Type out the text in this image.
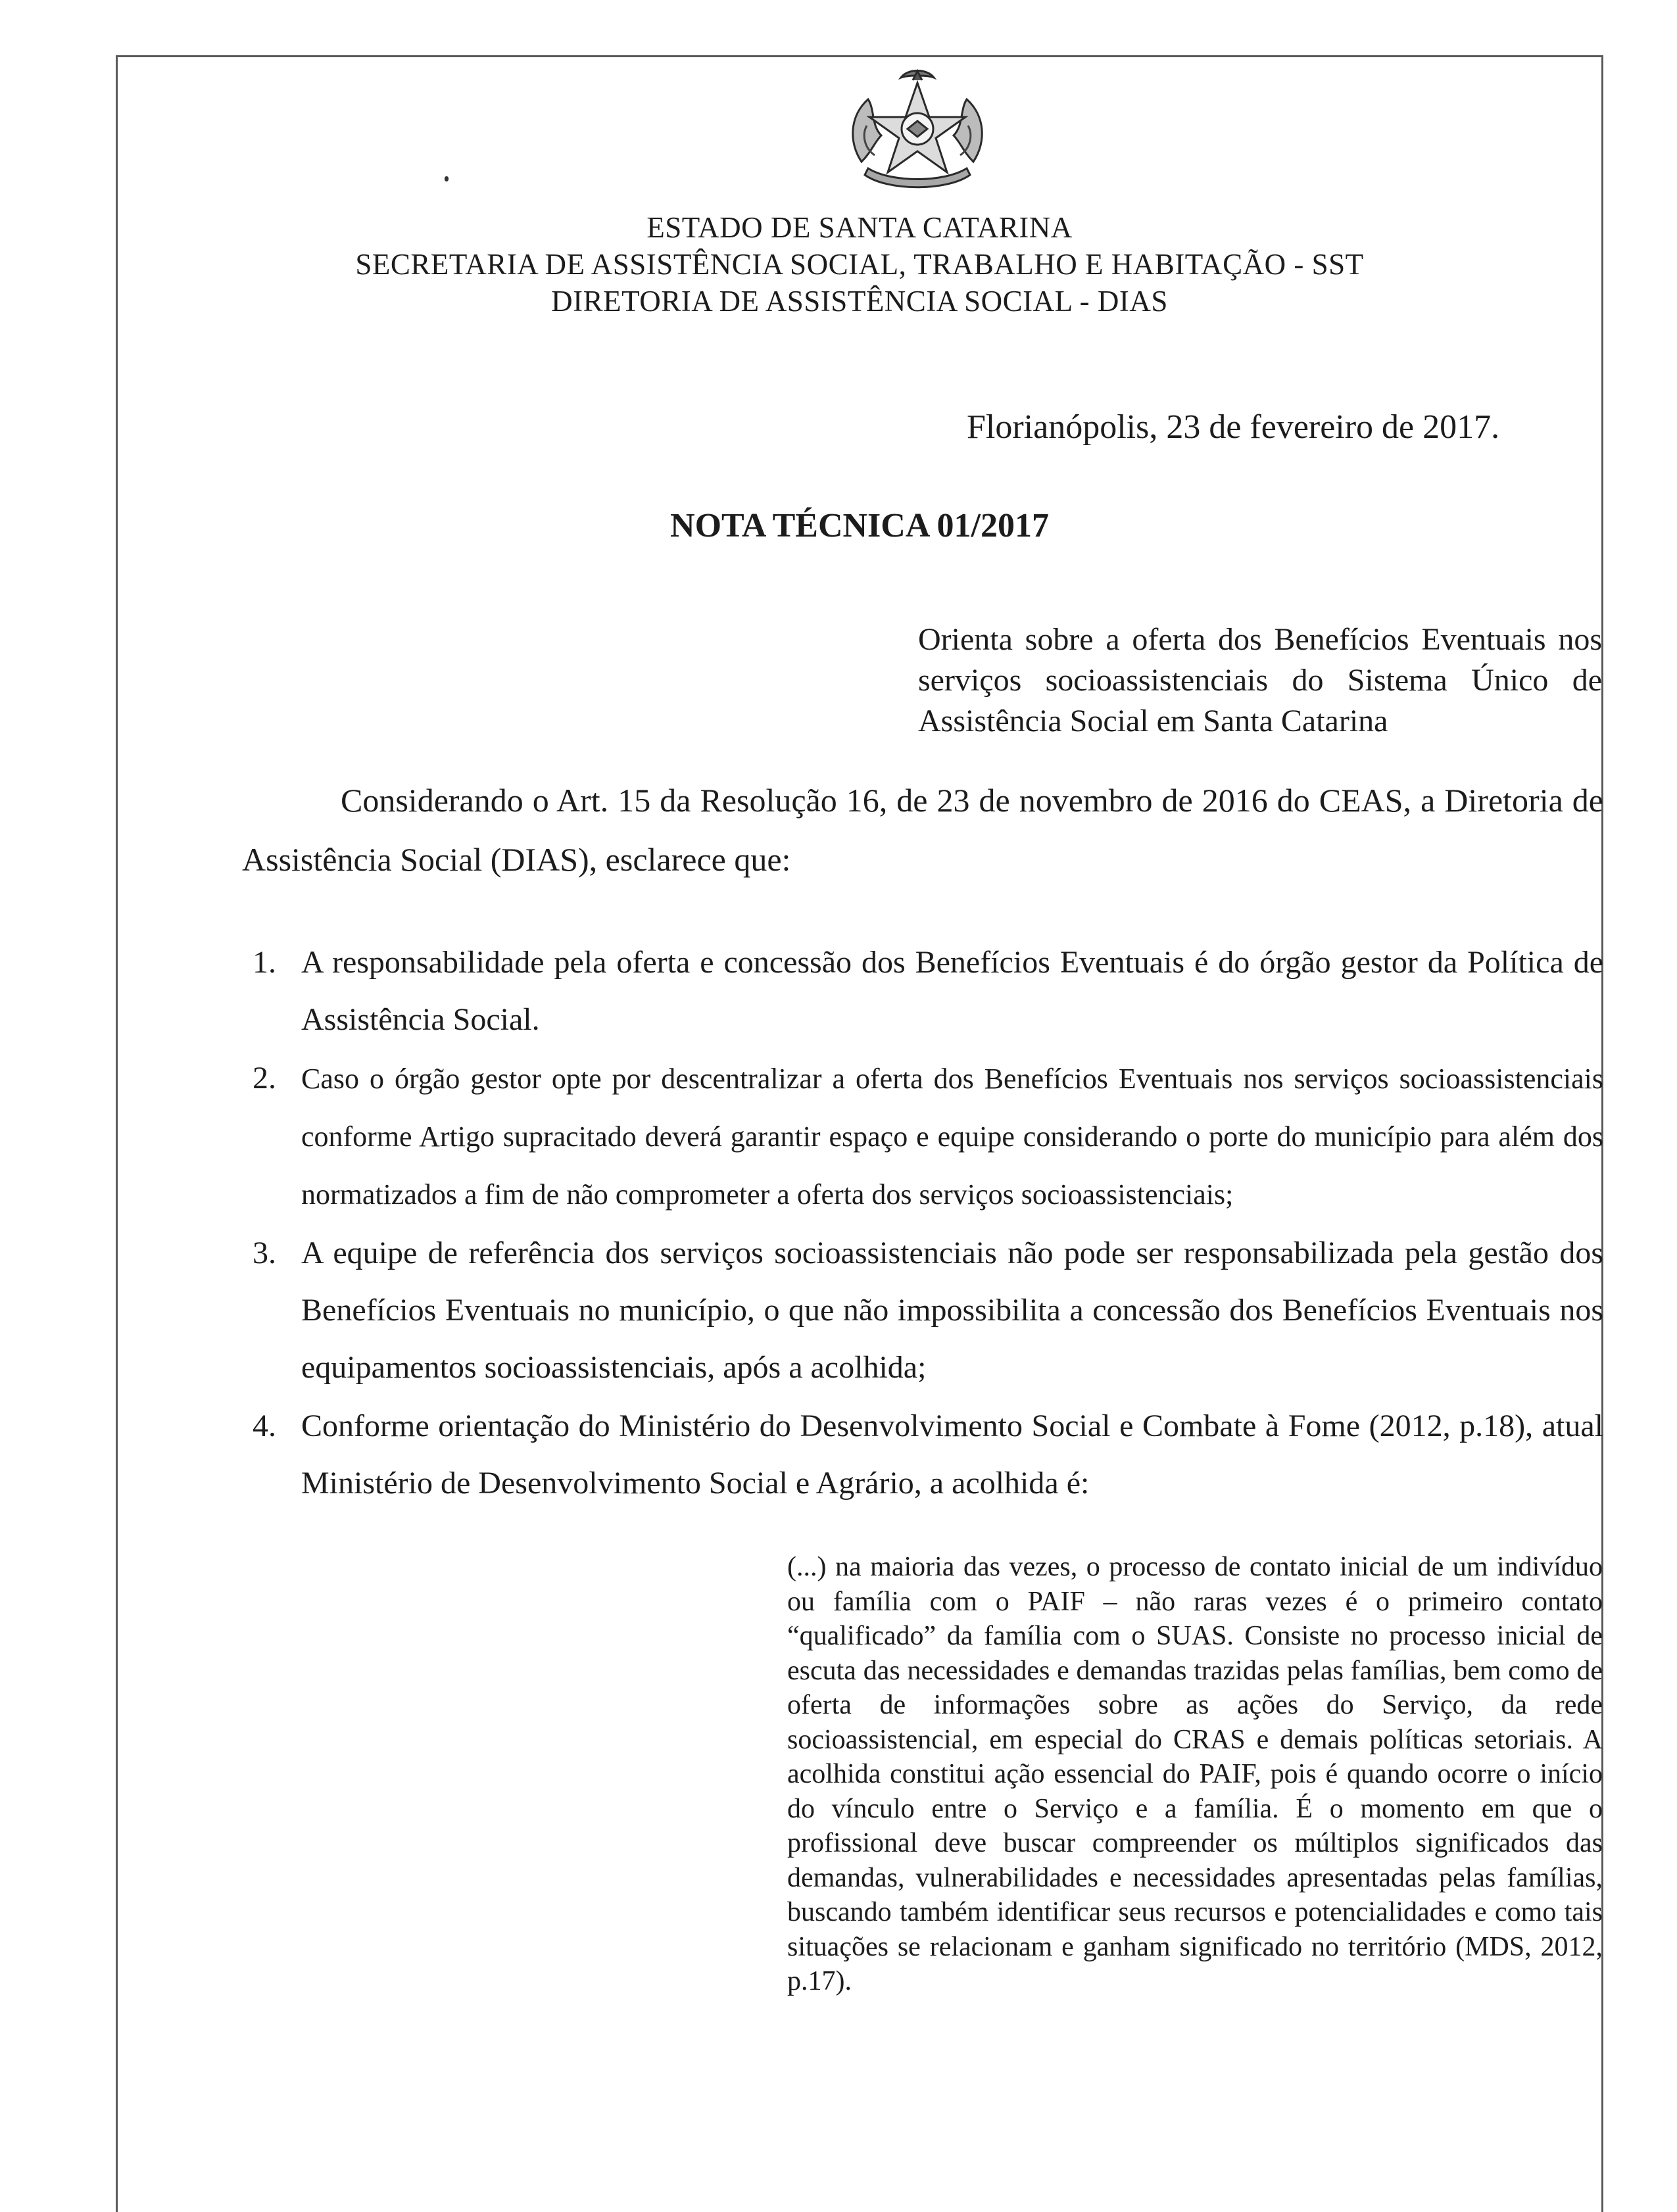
ESTADO DE SANTA CATARINA
SECRETARIA DE ASSISTÊNCIA SOCIAL, TRABALHO E HABITAÇÃO - SST
DIRETORIA DE ASSISTÊNCIA SOCIAL - DIAS
Florianópolis, 23 de fevereiro de 2017.
NOTA TÉCNICA 01/2017
Orienta sobre a oferta dos Benefícios Eventuais nos serviços socioassistenciais do Sistema Único de Assistência Social em Santa Catarina
Considerando o Art. 15 da Resolução 16, de 23 de novembro de 2016 do CEAS, a Diretoria de Assistência Social (DIAS), esclarece que:
1. A responsabilidade pela oferta e concessão dos Benefícios Eventuais é do órgão gestor da Política de Assistência Social.
2. Caso o órgão gestor opte por descentralizar a oferta dos Benefícios Eventuais nos serviços socioassistenciais conforme Artigo supracitado deverá garantir espaço e equipe considerando o porte do município para além dos normatizados a fim de não comprometer a oferta dos serviços socioassistenciais;
3. A equipe de referência dos serviços socioassistenciais não pode ser responsabilizada pela gestão dos Benefícios Eventuais no município, o que não impossibilita a concessão dos Benefícios Eventuais nos equipamentos socioassistenciais, após a acolhida;
4. Conforme orientação do Ministério do Desenvolvimento Social e Combate à Fome (2012, p.18), atual Ministério de Desenvolvimento Social e Agrário, a acolhida é:
(...) na maioria das vezes, o processo de contato inicial de um indivíduo ou família com o PAIF – não raras vezes é o primeiro contato “qualificado” da família com o SUAS. Consiste no processo inicial de escuta das necessidades e demandas trazidas pelas famílias, bem como de oferta de informações sobre as ações do Serviço, da rede socioassistencial, em especial do CRAS e demais políticas setoriais. A acolhida constitui ação essencial do PAIF, pois é quando ocorre o início do vínculo entre o Serviço e a família. É o momento em que o profissional deve buscar compreender os múltiplos significados das demandas, vulnerabilidades e necessidades apresentadas pelas famílias, buscando também identificar seus recursos e potencialidades e como tais situações se relacionam e ganham significado no território (MDS, 2012, p.17).
